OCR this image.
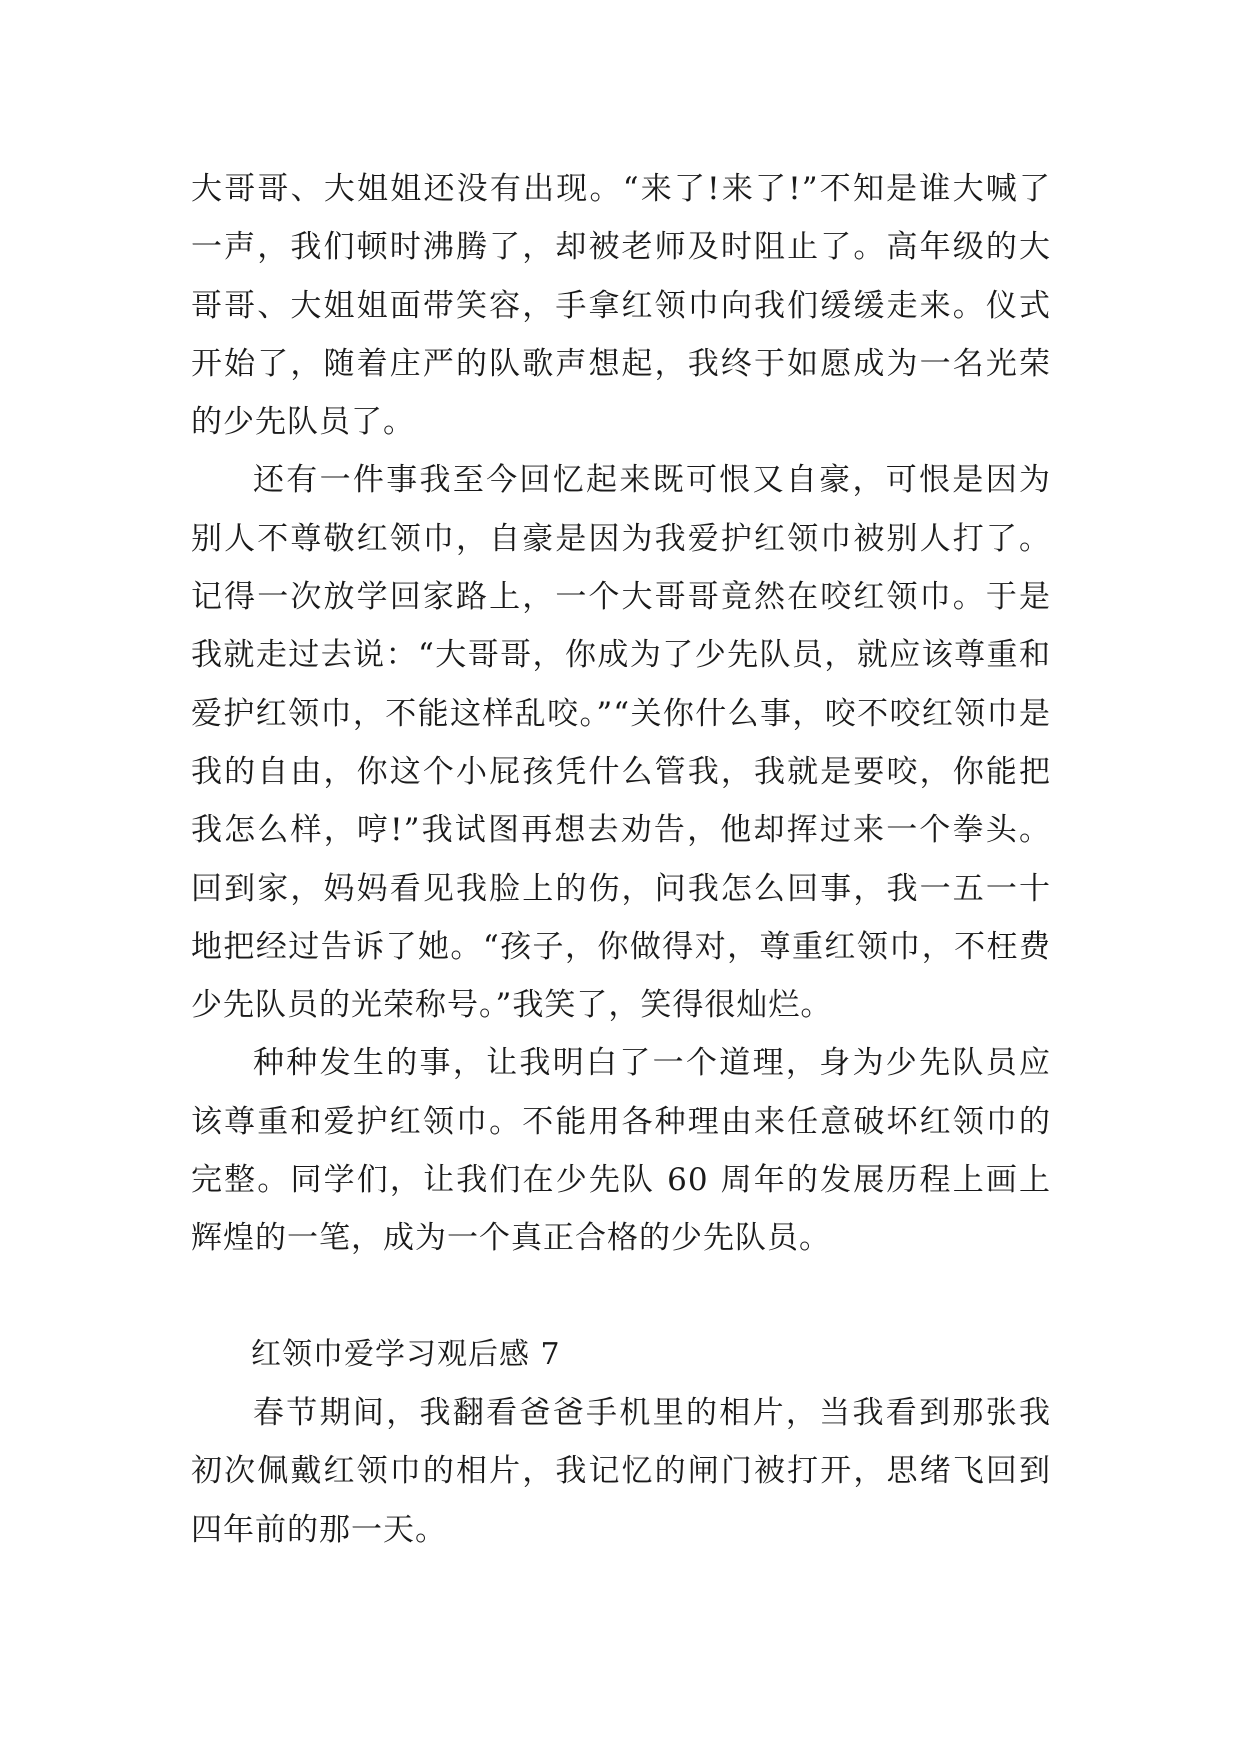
大哥哥、大姐姐还没有出现。“来了!来了!”不知是谁大喊了一声，我们顿时沸腾了，却被老师及时阻止了。高年级的大哥哥、大姐姐面带笑容，手拿红领巾向我们缓缓走来。仪式开始了，随着庄严的队歌声想起，我终于如愿成为一名光荣的少先队员了。

还有一件事我至今回忆起来既可恨又自豪，可恨是因为别人不尊敬红领巾，自豪是因为我爱护红领巾被别人打了。记得一次放学回家路上，一个大哥哥竟然在咬红领巾。于是我就走过去说：“大哥哥，你成为了少先队员，就应该尊重和爱护红领巾，不能这样乱咬。”“关你什么事，咬不咬红领巾是我的自由，你这个小屁孩凭什么管我，我就是要咬，你能把我怎么样，哼!”我试图再想去劝告，他却挥过来一个拳头。回到家，妈妈看见我脸上的伤，问我怎么回事，我一五一十地把经过告诉了她。“孩子，你做得对，尊重红领巾，不枉费少先队员的光荣称号。”我笑了，笑得很灿烂。

种种发生的事，让我明白了一个道理，身为少先队员应该尊重和爱护红领巾。不能用各种理由来任意破坏红领巾的完整。同学们，让我们在少先队 60 周年的发展历程上画上辉煌的一笔，成为一个真正合格的少先队员。

红领巾爱学习观后感 7

春节期间，我翻看爸爸手机里的相片，当我看到那张我初次佩戴红领巾的相片，我记忆的闸门被打开，思绪飞回到四年前的那一天。
